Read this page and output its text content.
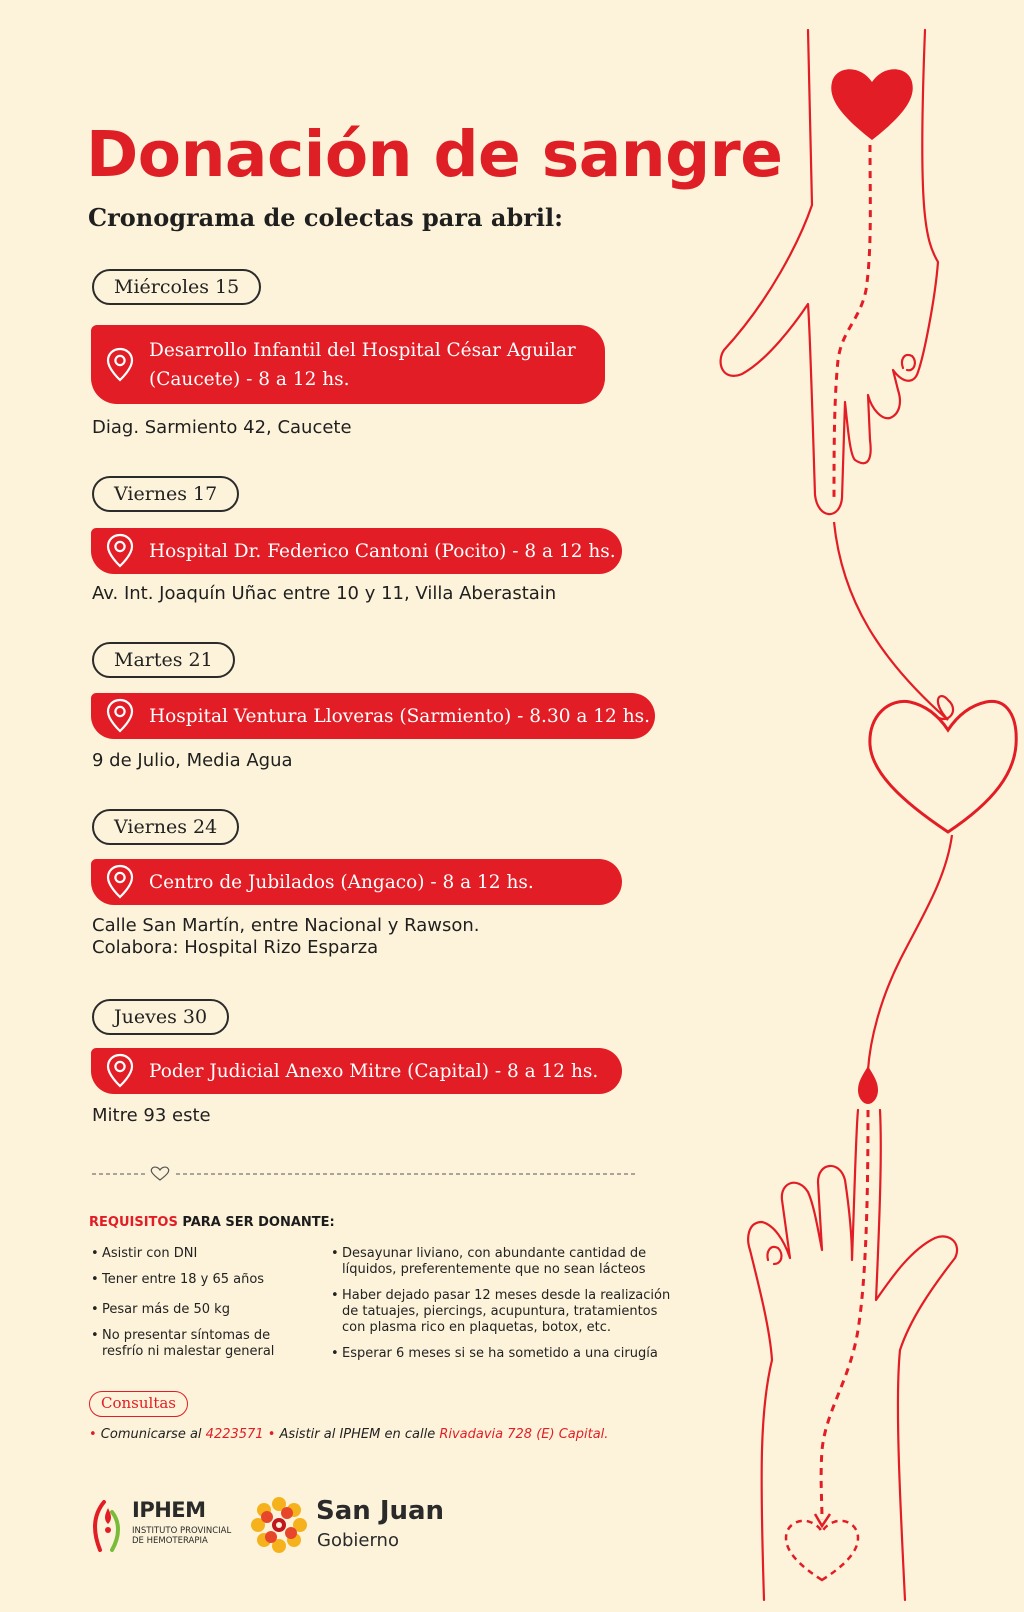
Donación de sangre
Cronograma de colectas para abril:
Miércoles 15
Desarrollo Infantil del Hospital César Aguilar (Caucete) - 8 a 12 hs.
Diag. Sarmiento 42, Caucete
Viernes 17
Hospital Dr. Federico Cantoni (Pocito) - 8 a 12 hs.
Av. Int. Joaquín Uñac entre 10 y 11, Villa Aberastain
Martes 21
Hospital Ventura Lloveras (Sarmiento) - 8.30 a 12 hs.
9 de Julio, Media Agua
Viernes 24
Centro de Jubilados (Angaco) - 8 a 12 hs.
Calle San Martín, entre Nacional y Rawson.
Colabora: Hospital Rizo Esparza
Jueves 30
Poder Judicial Anexo Mitre (Capital) - 8 a 12 hs.
Mitre 93 este
REQUISITOS PARA SER DONANTE:
• Asistir con DNI
• Tener entre 18 y 65 años
• Pesar más de 50 kg
• No presentar síntomas de resfrío ni malestar general
• Desayunar liviano, con abundante cantidad de líquidos, preferentemente que no sean lácteos
• Haber dejado pasar 12 meses desde la realización de tatuajes, piercings, acupuntura, tratamientos con plasma rico en plaquetas, botox, etc.
• Esperar 6 meses si se ha sometido a una cirugía
Consultas
• Comunicarse al 4223571 • Asistir al IPHEM en calle Rivadavia 728 (E) Capital.
IPHEM
INSTITUTO PROVINCIAL
DE HEMOTERAPIA
San Juan
Gobierno
